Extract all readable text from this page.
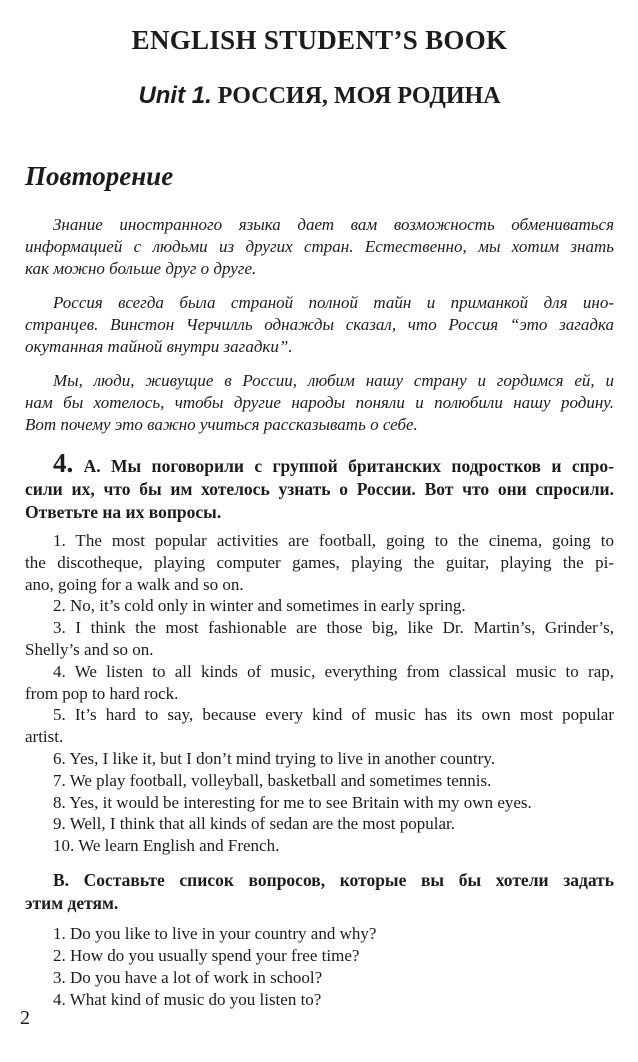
ENGLISH STUDENT’S BOOK
Unit 1. РОССИЯ, МОЯ РОДИНА
Повторение
Знание иностранного языка дает вам возможность обмениваться
информацией с людьми из других стран. Естественно, мы хотим знать
как можно больше друг о друге.
Россия всегда была страной полной тайн и приманкой для ино-
странцев. Винстон Черчилль однажды сказал, что Россия “это загадка
окутанная тайной внутри загадки”.
Мы, люди, живущие в России, любим нашу страну и гордимся ей, и
нам бы хотелось, чтобы другие народы поняли и полюбили нашу родину.
Вот почему это важно учиться рассказывать о себе.
4. А. Мы поговорили с группой британских подростков и спро-
сили их, что бы им хотелось узнать о России. Вот что они спросили.
Ответьте на их вопросы.
1. The most popular activities are football, going to the cinema, going to
the discotheque, playing computer games, playing the guitar, playing the pi-
ano, going for a walk and so on.
2. No, it’s cold only in winter and sometimes in early spring.
3. I think the most fashionable are those big, like Dr. Martin’s, Grinder’s,
Shelly’s and so on.
4. We listen to all kinds of music, everything from classical music to rap,
from pop to hard rock.
5. It’s hard to say, because every kind of music has its own most popular
artist.
6. Yes, I like it, but I don’t mind trying to live in another country.
7. We play football, volleyball, basketball and sometimes tennis.
8. Yes, it would be interesting for me to see Britain with my own eyes.
9. Well, I think that all kinds of sedan are the most popular.
10. We learn English and French.
В. Составьте список вопросов, которые вы бы хотели задать
этим детям.
1. Do you like to live in your country and why?
2. How do you usually spend your free time?
3. Do you have a lot of work in school?
4. What kind of music do you listen to?
2
